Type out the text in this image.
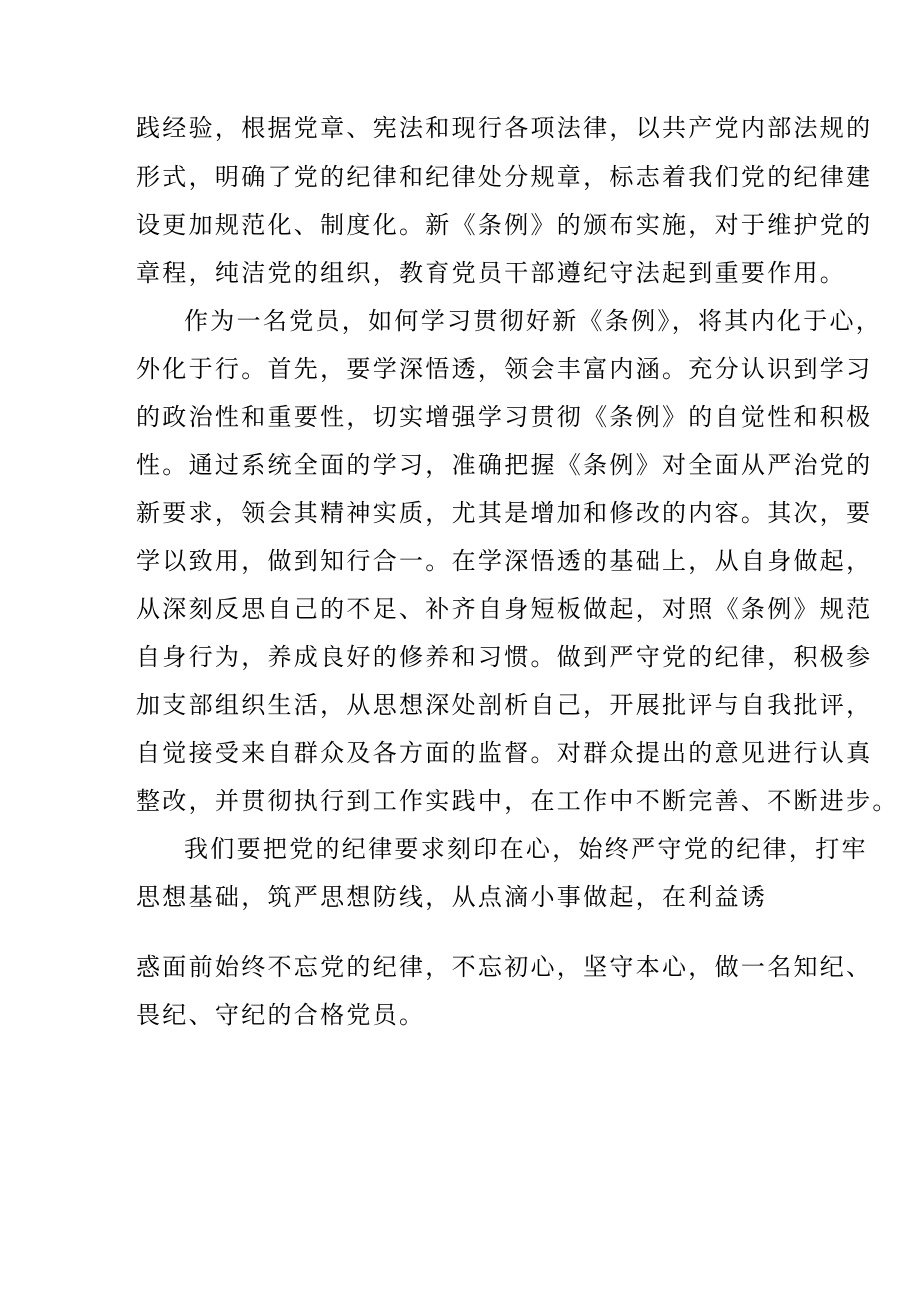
践经验，根据党章、宪法和现行各项法律，以共产党内部法规的
形式，明确了党的纪律和纪律处分规章，标志着我们党的纪律建
设更加规范化、制度化。新《条例》的颁布实施，对于维护党的
章程，纯洁党的组织，教育党员干部遵纪守法起到重要作用。
作为一名党员，如何学习贯彻好新《条例》，将其内化于心，
外化于行。首先，要学深悟透，领会丰富内涵。充分认识到学习
的政治性和重要性，切实增强学习贯彻《条例》的自觉性和积极
性。通过系统全面的学习，准确把握《条例》对全面从严治党的
新要求，领会其精神实质，尤其是增加和修改的内容。其次，要
学以致用，做到知行合一。在学深悟透的基础上，从自身做起，
从深刻反思自己的不足、补齐自身短板做起，对照《条例》规范
自身行为，养成良好的修养和习惯。做到严守党的纪律，积极参
加支部组织生活，从思想深处剖析自己，开展批评与自我批评，
自觉接受来自群众及各方面的监督。对群众提出的意见进行认真
整改，并贯彻执行到工作实践中，在工作中不断完善、不断进步。
我们要把党的纪律要求刻印在心，始终严守党的纪律，打牢
思想基础，筑严思想防线，从点滴小事做起，在利益诱
惑面前始终不忘党的纪律，不忘初心，坚守本心，做一名知纪、
畏纪、守纪的合格党员。
